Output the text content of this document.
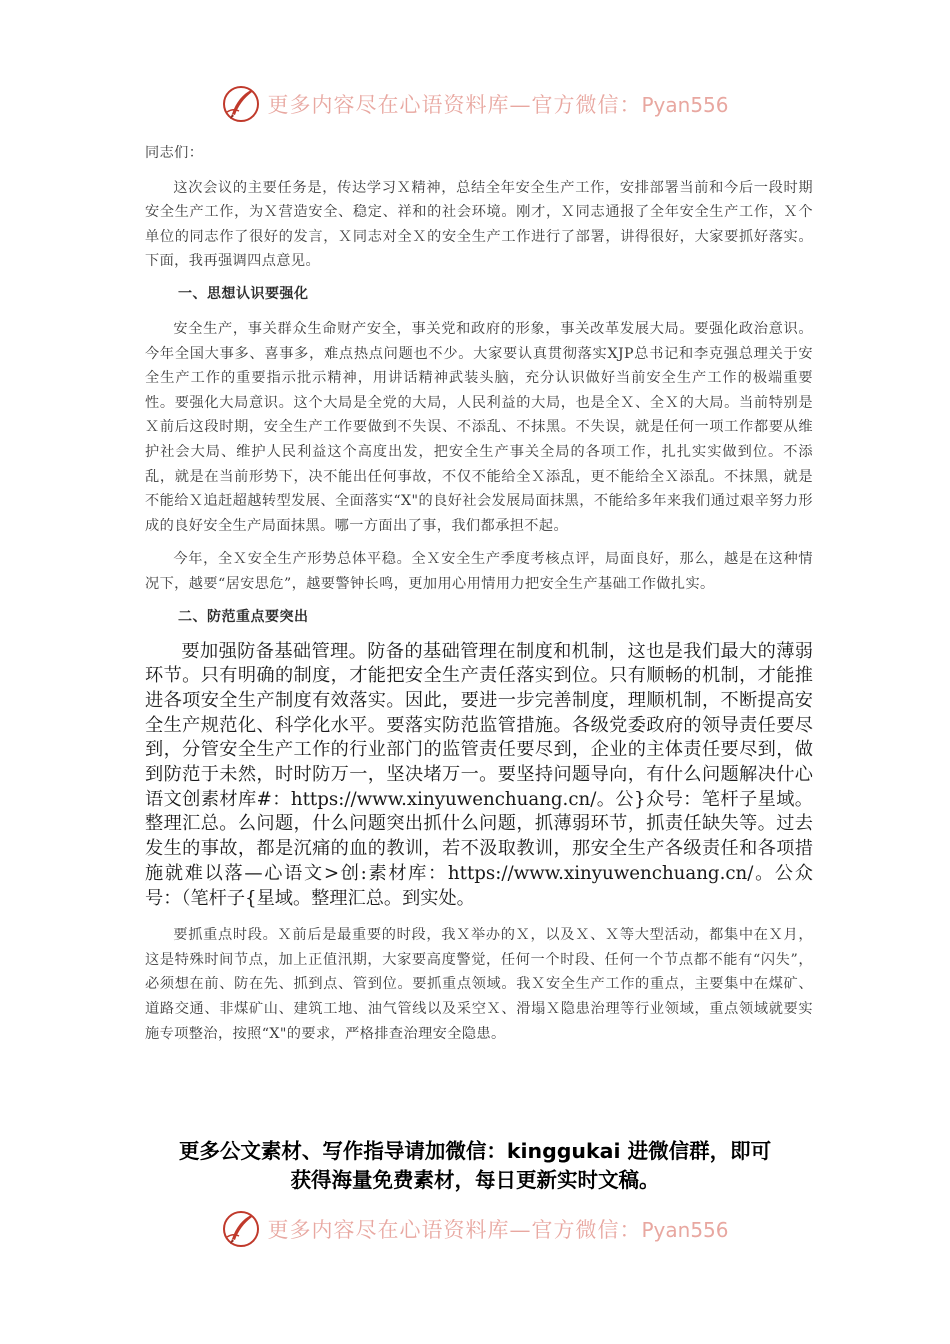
更多内容尽在心语资料库—官方微信：Pyan556

同志们：

这次会议的主要任务是，传达学习Ｘ精神，总结全年安全生产工作，安排部署当前和今后一段时期安全生产工作，为Ｘ营造安全、稳定、祥和的社会环境。刚才，Ｘ同志通报了全年安全生产工作，Ｘ个单位的同志作了很好的发言，Ｘ同志对全Ｘ的安全生产工作进行了部署，讲得很好，大家要抓好落实。下面，我再强调四点意见。

一、思想认识要强化

安全生产，事关群众生命财产安全，事关党和政府的形象，事关改革发展大局。要强化政治意识。今年全国大事多、喜事多，难点热点问题也不少。大家要认真贯彻落实XJP总书记和李克强总理关于安全生产工作的重要指示批示精神，用讲话精神武装头脑，充分认识做好当前安全生产工作的极端重要性。要强化大局意识。这个大局是全党的大局，人民利益的大局，也是全Ｘ、全Ｘ的大局。当前特别是Ｘ前后这段时期，安全生产工作要做到不失误、不添乱、不抹黑。不失误，就是任何一项工作都要从维护社会大局、维护人民利益这个高度出发，把安全生产事关全局的各项工作，扎扎实实做到位。不添乱，就是在当前形势下，决不能出任何事故，不仅不能给全Ｘ添乱，更不能给全Ｘ添乱。不抹黑，就是不能给Ｘ追赶超越转型发展、全面落实“X"的良好社会发展局面抹黑，不能给多年来我们通过艰辛努力形成的良好安全生产局面抹黑。哪一方面出了事，我们都承担不起。

今年，全Ｘ安全生产形势总体平稳。全Ｘ安全生产季度考核点评，局面良好，那么，越是在这种情况下，越要“居安思危”，越要警钟长鸣，更加用心用情用力把安全生产基础工作做扎实。

二、防范重点要突出

要加强防备基础管理。防备的基础管理在制度和机制，这也是我们最大的薄弱环节。只有明确的制度，才能把安全生产责任落实到位。只有顺畅的机制，才能推进各项安全生产制度有效落实。因此，要进一步完善制度，理顺机制，不断提高安全生产规范化、科学化水平。要落实防范监管措施。各级党委政府的领导责任要尽到，分管安全生产工作的行业部门的监管责任要尽到，企业的主体责任要尽到，做到防范于未然，时时防万一，坚决堵万一。要坚持问题导向，有什么问题解决什心语文创素材库#：https://www.xinyuwenchuang.cn/。公}众号：笔杆子星域。整理汇总。么问题，什么问题突出抓什么问题，抓薄弱环节，抓责任缺失等。过去发生的事故，都是沉痛的血的教训，若不汲取教训，那安全生产各级责任和各项措施就难以落—心语文>创:素材库：https://www.xinyuwenchuang.cn/。公众号：（笔杆子{星域。整理汇总。到实处。

要抓重点时段。Ｘ前后是最重要的时段，我Ｘ举办的Ｘ，以及Ｘ、Ｘ等大型活动，都集中在Ｘ月，这是特殊时间节点，加上正值汛期，大家要高度警觉，任何一个时段、任何一个节点都不能有“闪失”，必须想在前、防在先、抓到点、管到位。要抓重点领域。我Ｘ安全生产工作的重点，主要集中在煤矿、道路交通、非煤矿山、建筑工地、油气管线以及采空Ｘ、滑塌Ｘ隐患治理等行业领域，重点领域就要实施专项整治，按照“X"的要求，严格排查治理安全隐患。

更多公文素材、写作指导请加微信：kinggukai 进微信群，即可
获得海量免费素材，每日更新实时文稿。
更多内容尽在心语资料库—官方微信：Pyan556
